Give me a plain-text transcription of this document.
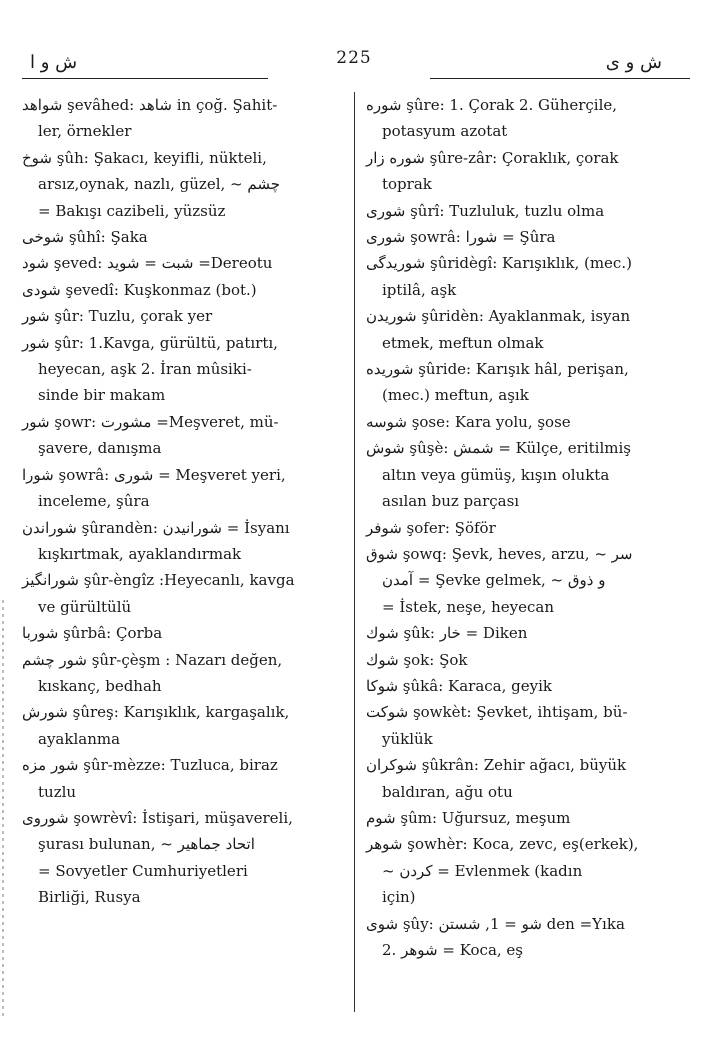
ش و ا	225	ش و ى

شواهد şevâhed: شاهد in çoğ. Şahit-
ler, örnekler

شوخ şûh: Şakacı, keyifli, nükteli,
arsız,oynak, nazlı, güzel, ~ چشم
= Bakışı cazibeli, yüzsüz

شوخى şûhî: Şaka

شود şeved: شبت = شويد =Dereotu

شودى şevedî: Kuşkonmaz (bot.)

شور şûr: Tuzlu, çorak yer

شور şûr: 1.Kavga, gürültü, patırtı,
heyecan, aşk 2. İran mûsiki-
sinde bir makam

شور şowr: مشورت =Meşveret, mü-
şavere, danışma

شورا şowrâ: شورى = Meşveret yeri,
inceleme, şûra

شوراندن şûrandèn: شورانيدن = İsyanı
kışkırtmak, ayaklandırmak

شورانگيز şûr-èngîz :Heyecanlı, kavga
ve gürültülü

شوربا şûrbâ: Çorba

شور چشم şûr-çèşm : Nazarı değen,
kıskanç, bedhah

شورش şûreş: Karışıklık, kargaşalık,
ayaklanma

شور مزه şûr-mèzze: Tuzluca, biraz
tuzlu

شوروى şowrèvî: İstişari, müşavereli,
şurası bulunan, ~ اتحاد جماهير
= Sovyetler Cumhuriyetleri
Birliği, Rusya

شوره şûre: 1. Çorak 2. Güherçile,
potasyum azotat

شوره زار şûre-zâr: Çoraklık, çorak
toprak

شورى şûrî: Tuzluluk, tuzlu olma

شورى şowrâ: شورا = Şûra

شوريدگى şûridègî: Karışıklık, (mec.)
iptilâ, aşk

شوريدن şûridèn: Ayaklanmak, isyan
etmek, meftun olmak

شوريده şûride: Karışık hâl, perişan,
(mec.) meftun, aşık

شوسه şose: Kara yolu, şose

شوش şûşè: شمش = Külçe, eritilmiş
altın veya gümüş, kışın olukta
asılan buz parçası

شوفر şofer: Şöför

شوق şowq: Şevk, heves, arzu, ~ سر
آمدن = Şevke gelmek, ~ و ذوق
= İstek, neşe, heyecan

شوك şûk: خار = Diken

شوك şok: Şok

شوكا şûkâ: Karaca, geyik

شوكت şowkèt: Şevket, ihtişam, bü-
yüklük

شوكران şûkrân: Zehir ağacı, büyük
baldıran, ağu otu

شوم şûm: Uğursuz, meşum

شوهر şowhèr: Koca, zevc, eş(erkek),
~ كردن = Evlenmek (kadın
için)

شوى şûy: شو = 1, شستن den =Yıka
2. شوهر = Koca, eş
